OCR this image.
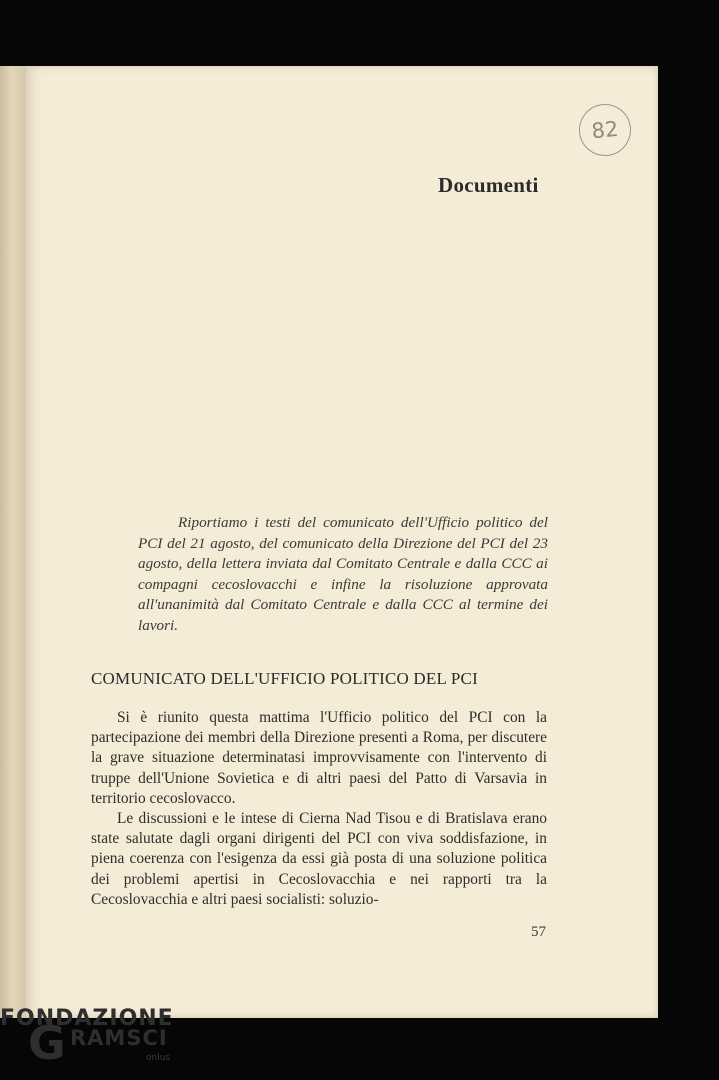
82
Documenti
Riportiamo i testi del comunicato dell'Ufficio politico del PCI del 21 agosto, del comunicato della Direzione del PCI del 23 agosto, della lettera inviata dal Comitato Centrale e dalla CCC ai compagni cecoslovacchi e infine la risoluzione approvata all'unanimità dal Comitato Centrale e dalla CCC al termine dei lavori.
COMUNICATO DELL'UFFICIO POLITICO DEL PCI

Si è riunito questa mattima l'Ufficio politico del PCI con la partecipazione dei membri della Direzione presenti a Roma, per discutere la grave situazione determinatasi improvvisamente con l'intervento di truppe dell'Unione Sovietica e di altri paesi del Patto di Varsavia in territorio cecoslovacco.

Le discussioni e le intese di Cierna Nad Tisou e di Bratislava erano state salutate dagli organi dirigenti del PCI con viva soddisfazione, in piena coerenza con l'esigenza da essi già posta di una soluzione politica dei problemi apertisi in Cecoslovacchia e nei rapporti tra la Cecoslovacchia e altri paesi socialisti: soluzio-

57
FONDAZIONE
G RAMSCI
onlus
